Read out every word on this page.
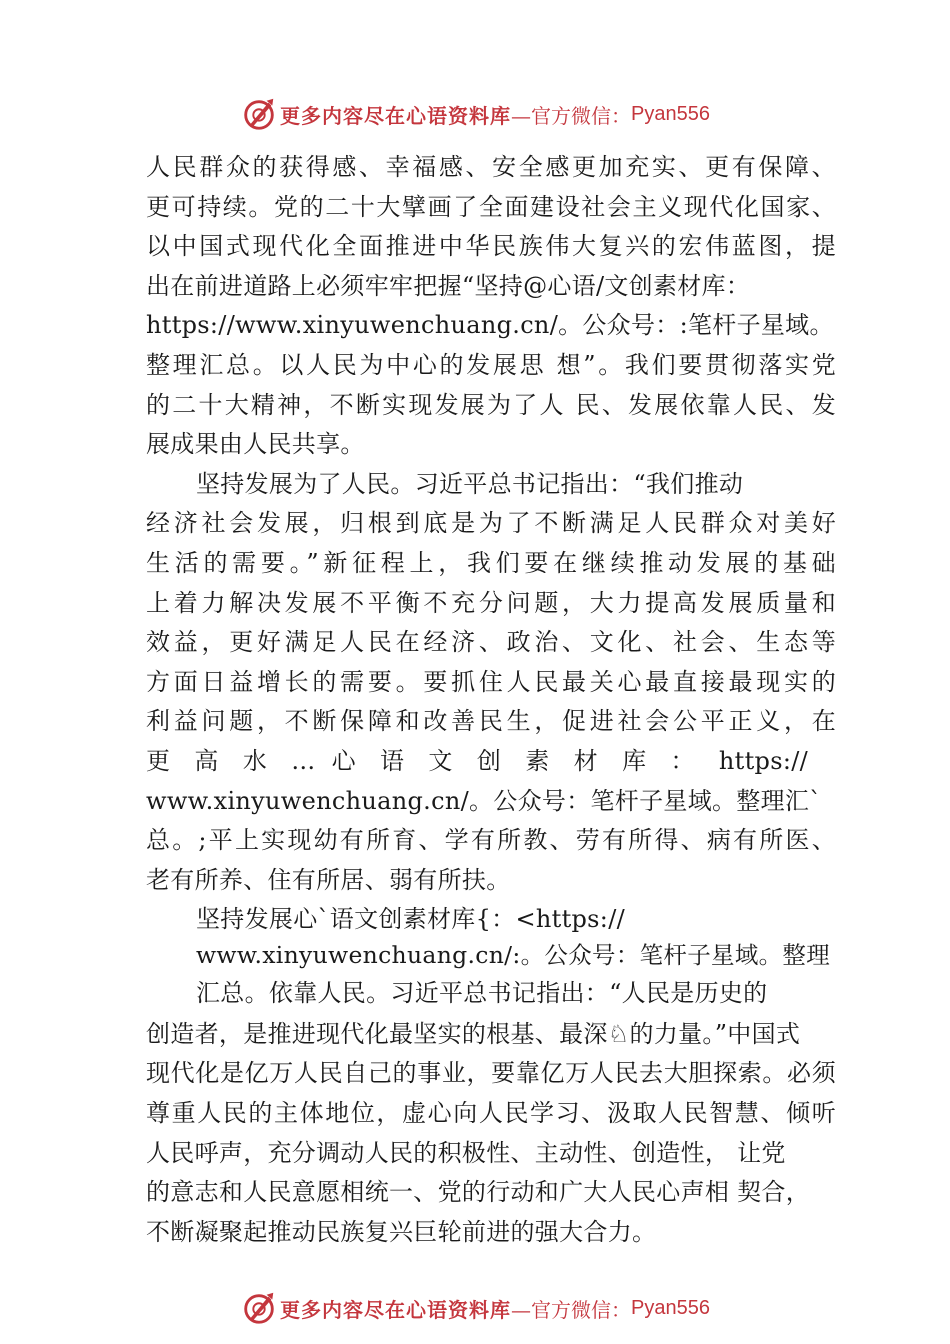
更多内容尽在心语资料库 —官方微信： Pyan556
人民群众的获得感、幸福感、安全感更加充实、更有保障、
更可持续。党的二十大擘画了全面建设社会主义现代化国家、
以中国式现代化全面推进中华民族伟大复兴的宏伟蓝图，提
出在前进道路上必须牢牢把握“坚持@心语/文创素材库：
https://www.xinyuwenchuang.cn/。公众号：:笔杆子星域。
整理汇总。以人民为中心的发展思 想”。我们要贯彻落实党
的二十大精神，不断实现发展为了人 民、发展依靠人民、发
展成果由人民共享。
坚持发展为了人民。习近平总书记指出：“我们推动
经济社会发展，归根到底是为了不断满足人民群众对美好
生活的需要。”新征程上，我们要在继续推动发展的基础
上着力解决发展不平衡不充分问题，大力提高发展质量和
效益，更好满足人民在经济、政治、文化、社会、生态等
方面日益增长的需要。要抓住人民最关心最直接最现实的
利益问题，不断保障和改善民生，促进社会公平正义，在
更 高 水 … 心 语 文 创 素 材 库 ： https://
www.xinyuwenchuang.cn/。公众号：笔杆子星域。整理汇`
总。;平上实现幼有所育、学有所教、劳有所得、病有所医、
老有所养、住有所居、弱有所扶。
坚持发展心`语文创素材库{：<https://
www.xinyuwenchuang.cn/:。公众号：笔杆子星域。整理
汇总。依靠人民。习近平总书记指出：“人民是历史的
创造者，是推进现代化最坚实的根基、最深♘的力量。”中国式
现代化是亿万人民自己的事业，要靠亿万人民去大胆探索。必须
尊重人民的主体地位，虚心向人民学习、汲取人民智慧、倾听
人民呼声，充分调动人民的积极性、主动性、创造性， 让党
的意志和人民意愿相统一、党的行动和广大人民心声相 契合，
不断凝聚起推动民族复兴巨轮前进的强大合力。
更多内容尽在心语资料库 —官方微信： Pyan556
